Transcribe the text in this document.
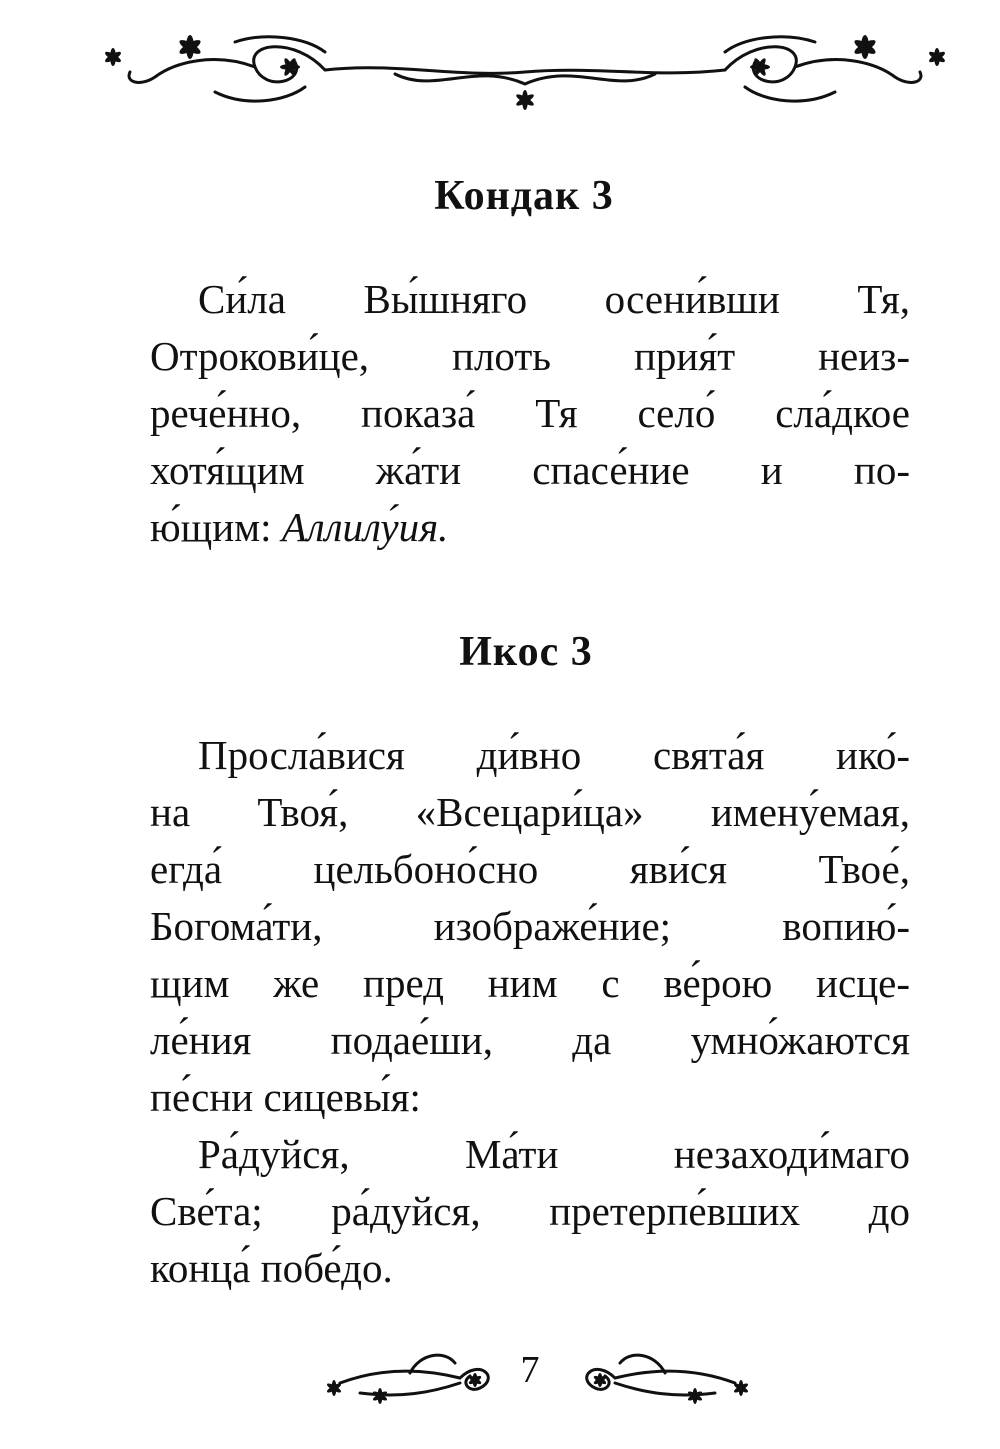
Кондак 3

Си́ла Вы́шняго осени́вши Тя,
Отрокови́це, плоть прия́т неиз-
рече́нно, показа́ Тя село́ сла́дкое
хотя́щим жа́ти спасе́ние и по-
ю́щим: Аллилу́ия.

Икос 3

Просла́вися ди́вно свята́я ико́-
на Твоя́, «Всецари́ца» имену́емая,
егда́ цельбоно́сно яви́ся Твое́,
Богома́ти, изображе́ние; вопию́-
щим же пред ним с ве́рою исце-
ле́ния подае́ши, да умно́жаются
пе́сни сицевы́я:

Ра́дуйся, Ма́ти незаходи́маго
Све́та; ра́дуйся, претерпе́вших до
конца́ побе́до.

7
